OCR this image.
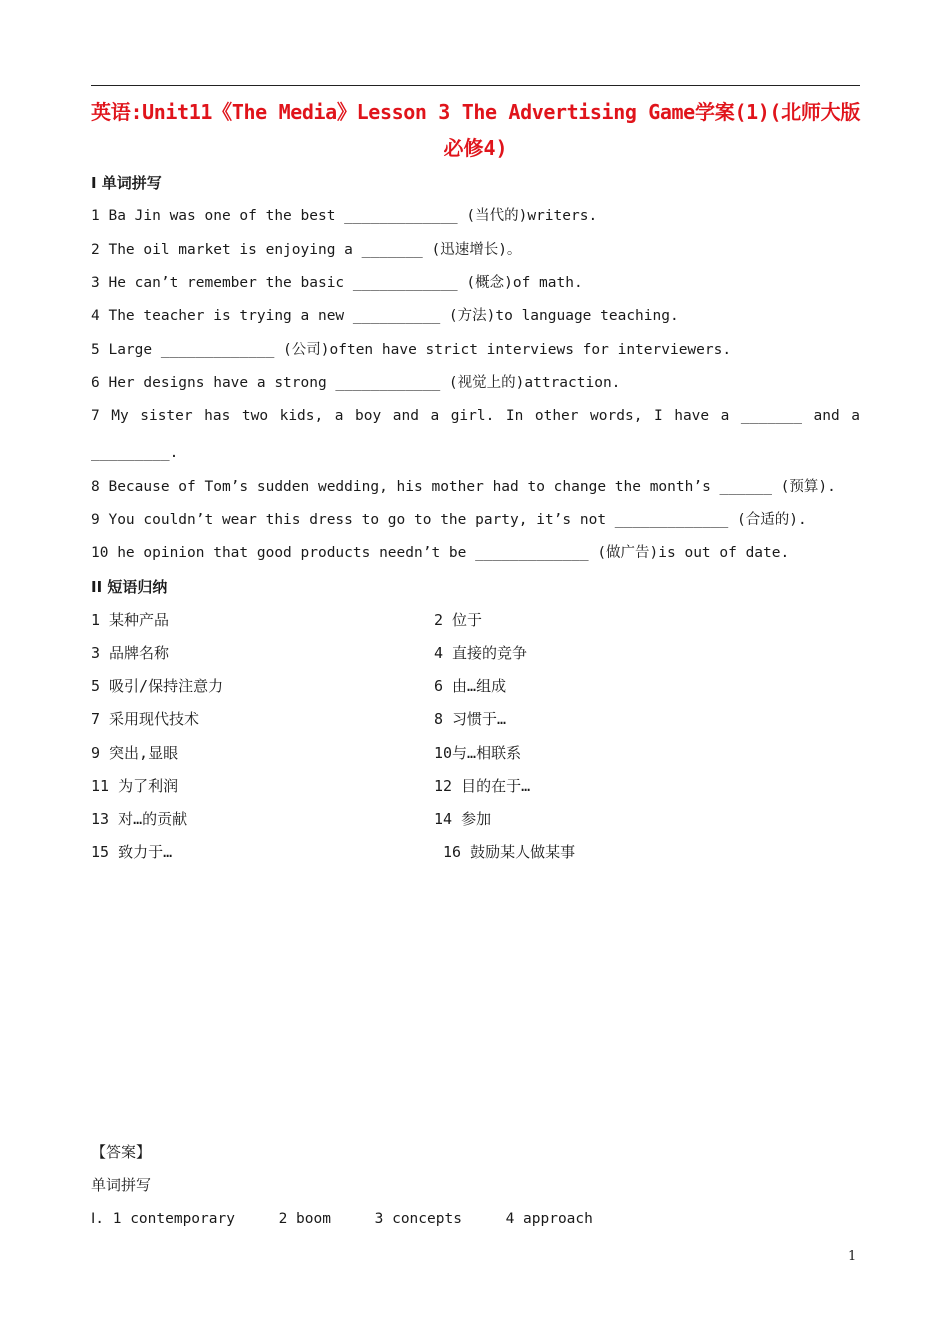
英语:Unit11《The Media》Lesson 3 The Advertising Game学案(1)(北师大版
必修4)
Ⅰ 单词拼写
1 Ba Jin was one of the best _____________ (当代的)writers.
2 The oil market is enjoying a _______ (迅速增长)。
3 He can’t remember the basic ____________ (概念)of math.
4 The teacher is trying a new __________ (方法)to language teaching.
5 Large _____________ (公司)often have strict interviews for interviewers.
6 Her designs have a strong ____________ (视觉上的)attraction.
7 My sister has two kids, a boy and a girl. In other words, I have a _______ and a
_________.
8 Because of Tom’s sudden wedding, his mother had to change the month’s ______ (预算).
9 You couldn’t wear this dress to go to the party, it’s not _____________ (合适的).
10 he opinion that good products needn’t be _____________ (做广告)is out of date.
II 短语归纳
1 某种产品	2 位于
3 品牌名称	4 直接的竞争
5 吸引/保持注意力	6 由…组成
7 采用现代技术	8 习惯于…
9 突出,显眼	10与…相联系
11 为了利润	12 目的在于…
13 对…的贡献	14 参加
15 致力于…	16 鼓励某人做某事
【答案】
单词拼写
Ⅰ. 1 contemporary     2 boom     3 concepts     4 approach
1
